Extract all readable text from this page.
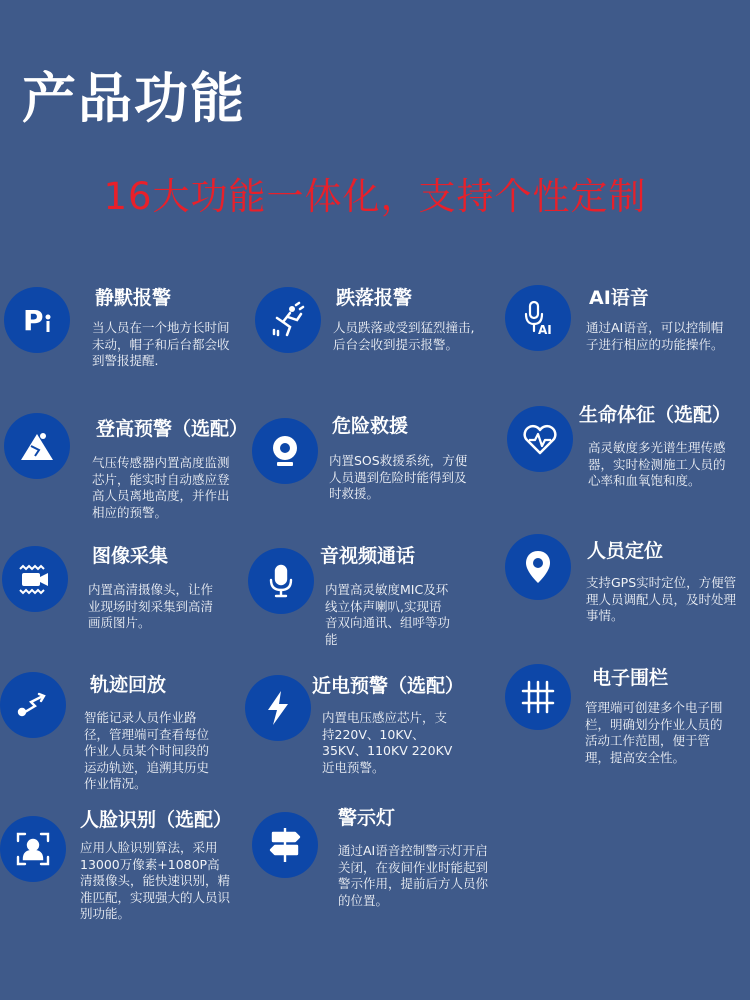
产品功能

16大功能一体化，支持个性定制

P
静默报警
当人员在一个地方长时间未动，帽子和后台都会收到警报提醒.
跌落报警
人员跌落或受到猛烈撞击,后台会收到提示报警。
AI
AI语音
通过AI语音，可以控制帽子进行相应的功能操作。
登高预警（选配）
气压传感器内置高度监测芯片，能实时自动感应登高人员离地高度，并作出相应的预警。
危险救援
内置SOS救援系统，方便人员遇到危险时能得到及时救援。
生命体征（选配）
高灵敏度多光谱生理传感器，实时检测施工人员的心率和血氧饱和度。
图像采集
内置高清摄像头，让作业现场时刻采集到高清画质图片。
音视频通话
内置高灵敏度MIC及环线立体声喇叭,实现语音双向通讯、组呼等功能
人员定位
支持GPS实时定位，方便管理人员调配人员，及时处理事情。
轨迹回放
智能记录人员作业路径，管理端可查看每位作业人员某个时间段的运动轨迹，追溯其历史作业情况。
近电预警（选配）
内置电压感应芯片，支持220V、10KV、35KV、110KV 220KV近电预警。
电子围栏
管理端可创建多个电子围栏，明确划分作业人员的活动工作范围，便于管理，提高安全性。
人脸识别（选配）
应用人脸识别算法，采用13000万像素+1080P高清摄像头，能快速识别，精准匹配，实现强大的人员识别功能。
警示灯
通过AI语音控制警示灯开启关闭，在夜间作业时能起到警示作用，提前后方人员你的位置。
